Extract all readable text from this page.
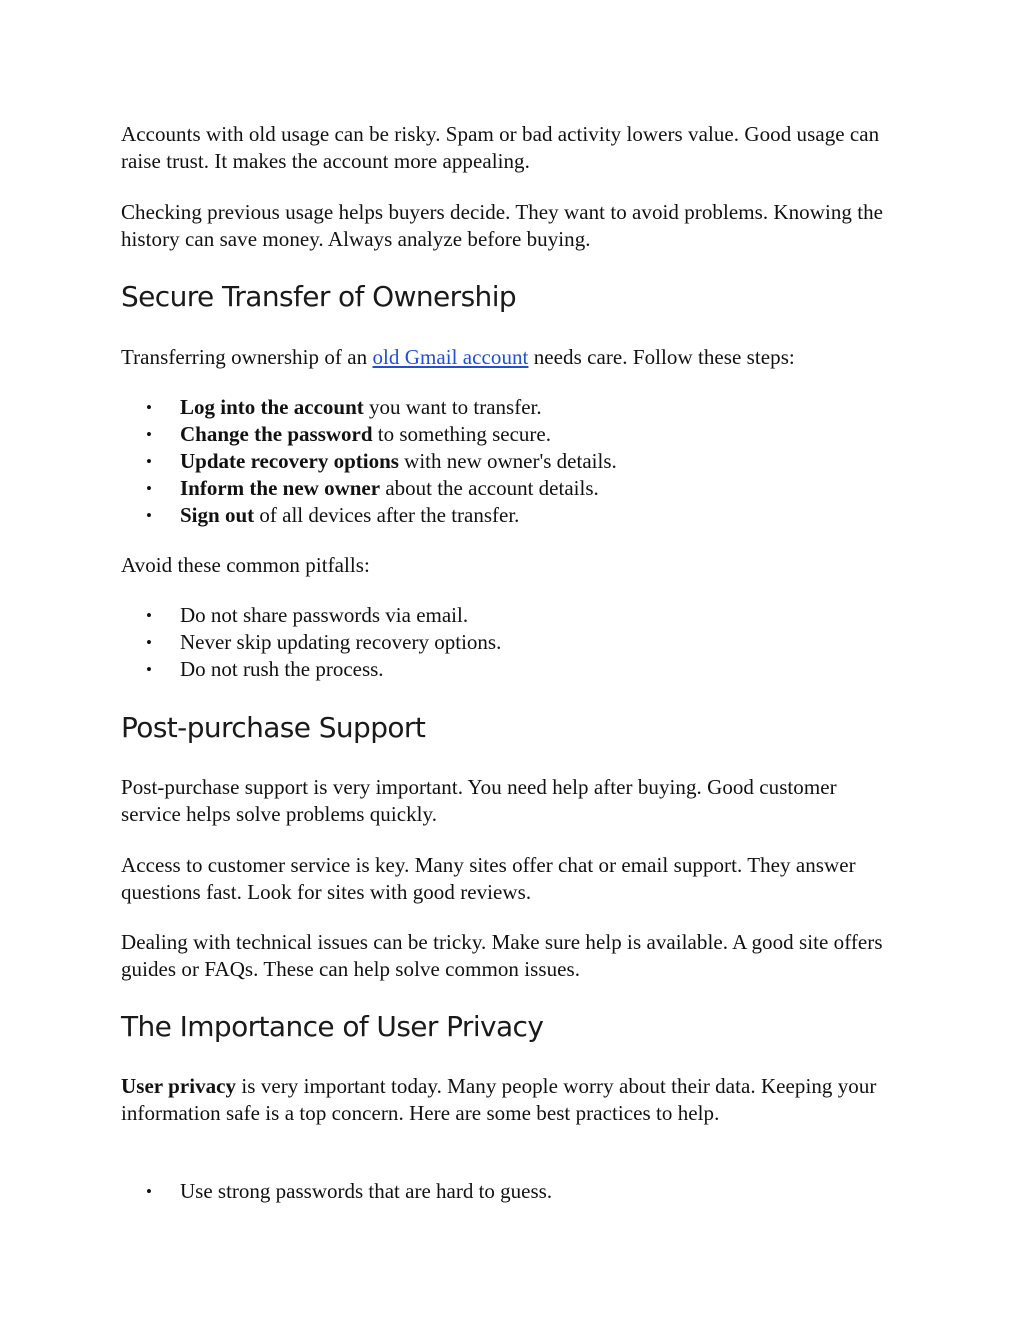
Accounts with old usage can be risky. Spam or bad activity lowers value. Good usage can raise trust. It makes the account more appealing.

Checking previous usage helps buyers decide. They want to avoid problems. Knowing the history can save money. Always analyze before buying.

Secure Transfer of Ownership

Transferring ownership of an old Gmail account needs care. Follow these steps:

• Log into the account you want to transfer.
• Change the password to something secure.
• Update recovery options with new owner's details.
• Inform the new owner about the account details.
• Sign out of all devices after the transfer.

Avoid these common pitfalls:

• Do not share passwords via email.
• Never skip updating recovery options.
• Do not rush the process.
Post-purchase Support

Post-purchase support is very important. You need help after buying. Good customer service helps solve problems quickly.

Access to customer service is key. Many sites offer chat or email support. They answer questions fast. Look for sites with good reviews.

Dealing with technical issues can be tricky. Make sure help is available. A good site offers guides or FAQs. These can help solve common issues.

The Importance of User Privacy

User privacy is very important today. Many people worry about their data. Keeping your information safe is a top concern. Here are some best practices to help.

• Use strong passwords that are hard to guess.
